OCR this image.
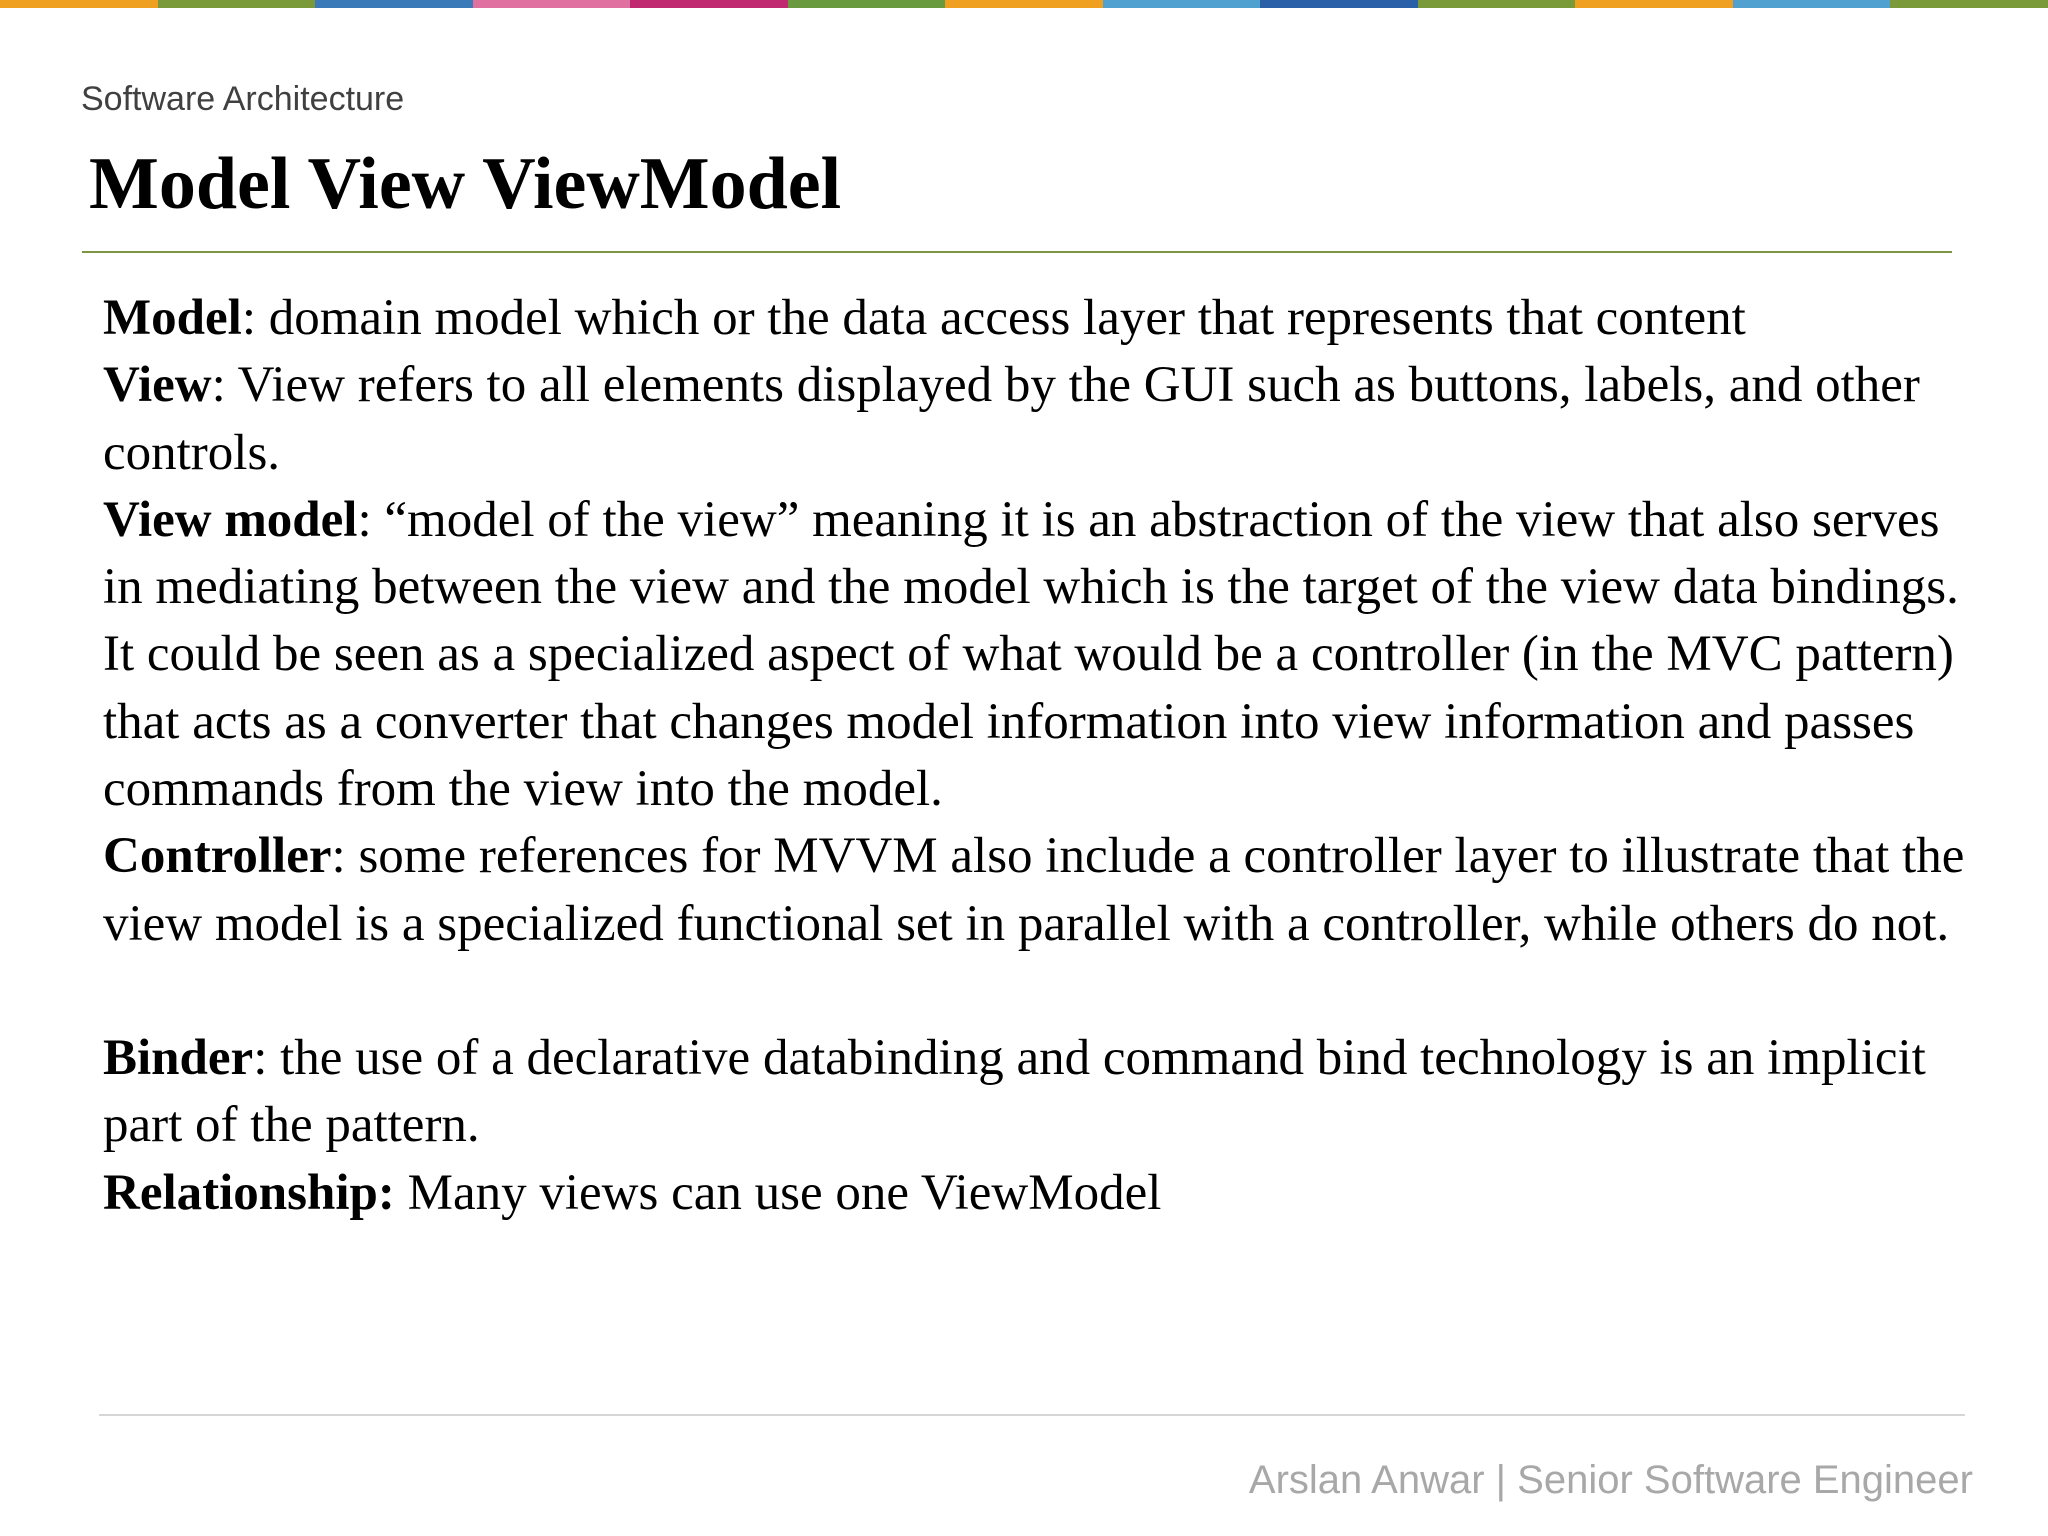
Software Architecture
Model View ViewModel

Model: domain model which or the data access layer that represents that content

View: View refers to all elements displayed by the GUI such as buttons, labels, and other controls.

View model: “model of the view” meaning it is an abstraction of the view that also serves in mediating between the view and the model which is the target of the view data bindings. It could be seen as a specialized aspect of what would be a controller (in the MVC pattern) that acts as a converter that changes model information into view information and passes commands from the view into the model.

Controller: some references for MVVM also include a controller layer to illustrate that the view model is a specialized functional set in parallel with a controller, while others do not.

Binder: the use of a declarative databinding and command bind technology is an implicit part of the pattern.

Relationship: Many views can use one ViewModel

Arslan Anwar | Senior Software Engineer
